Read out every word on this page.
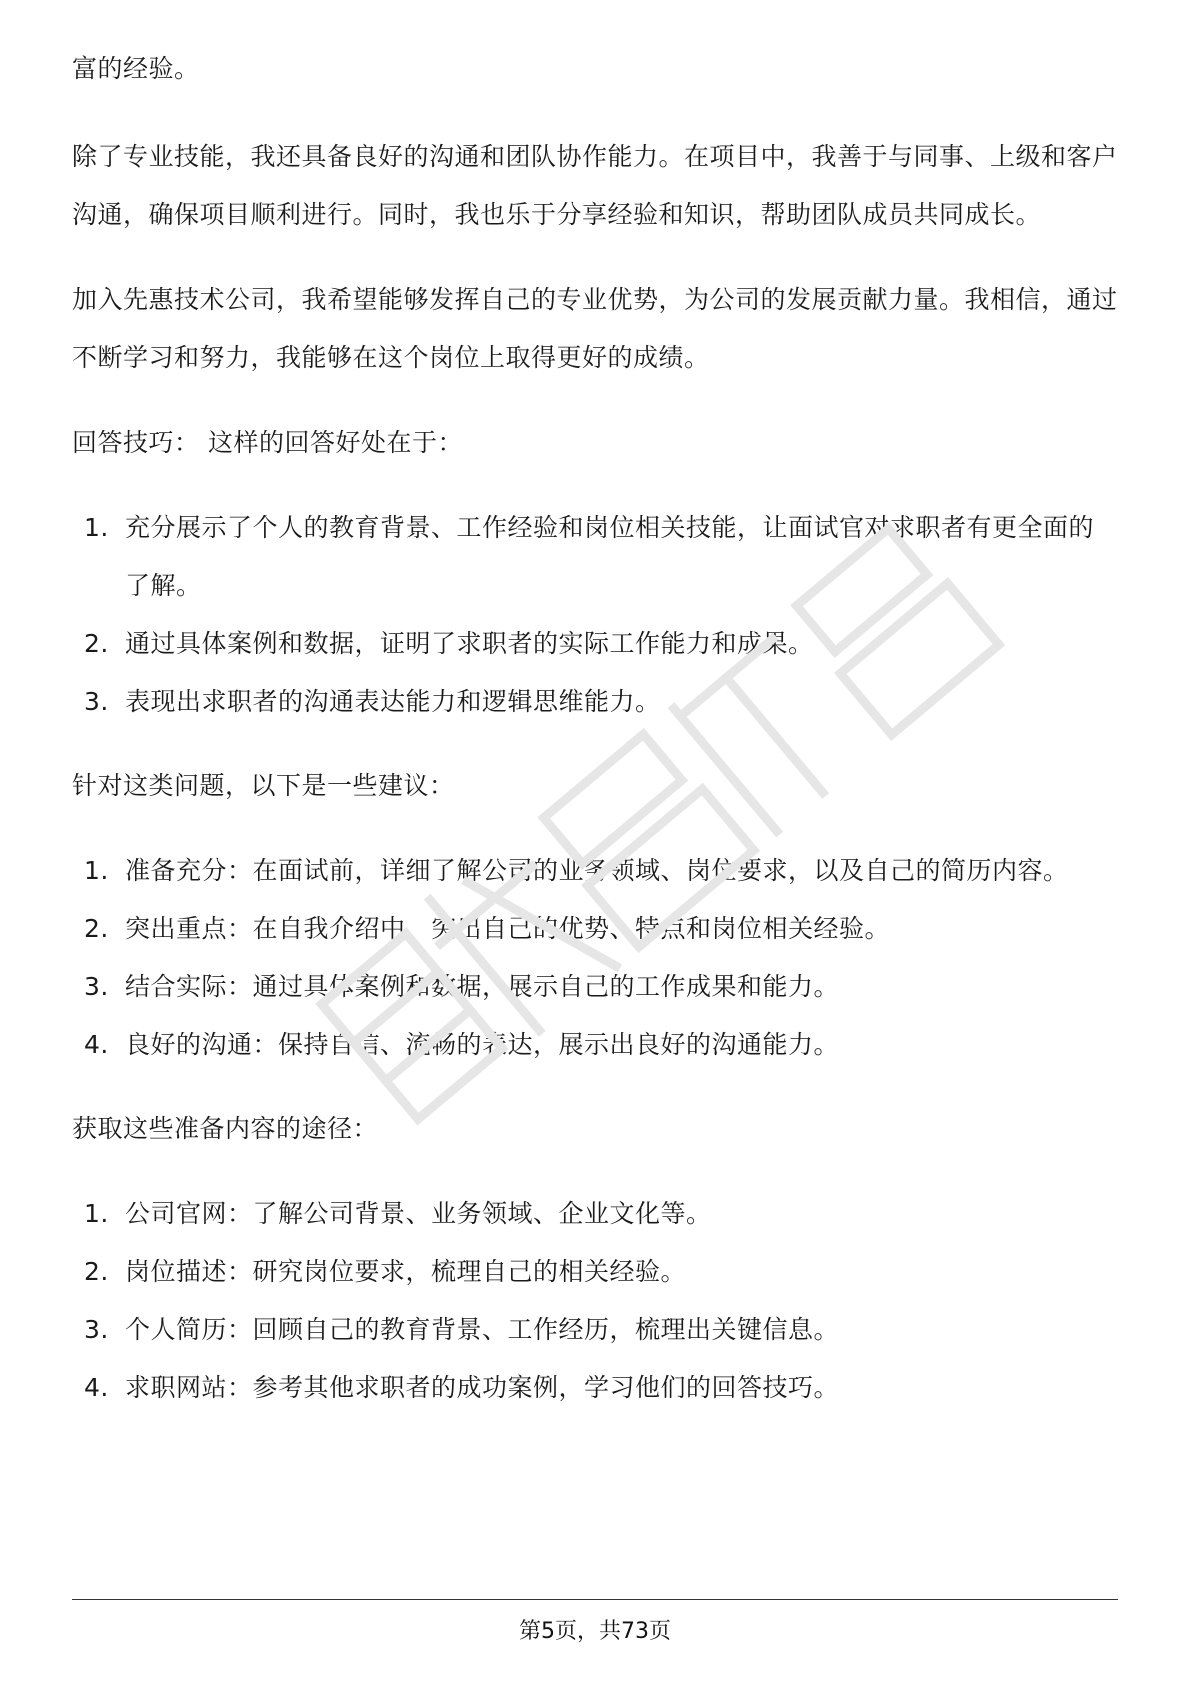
富的经验。

除了专业技能，我还具备良好的沟通和团队协作能力。在项目中，我善于与同事、上级和客户沟通，确保项目顺利进行。同时，我也乐于分享经验和知识，帮助团队成员共同成长。

加入先惠技术公司，我希望能够发挥自己的专业优势，为公司的发展贡献力量。我相信，通过不断学习和努力，我能够在这个岗位上取得更好的成绩。

回答技巧： 这样的回答好处在于：

1. 充分展示了个人的教育背景、工作经验和岗位相关技能，让面试官对求职者有更全面的了解。
2. 通过具体案例和数据，证明了求职者的实际工作能力和成果。
3. 表现出求职者的沟通表达能力和逻辑思维能力。

针对这类问题，以下是一些建议：

1. 准备充分：在面试前，详细了解公司的业务领域、岗位要求，以及自己的简历内容。
2. 突出重点：在自我介绍中，突出自己的优势、特点和岗位相关经验。
3. 结合实际：通过具体案例和数据，展示自己的工作成果和能力。
4. 良好的沟通：保持自信、流畅的表达，展示出良好的沟通能力。

获取这些准备内容的途径：

1. 公司官网：了解公司背景、业务领域、企业文化等。
2. 岗位描述：研究岗位要求，梳理自己的相关经验。
3. 个人简历：回顾自己的教育背景、工作经历，梳理出关键信息。
4. 求职网站：参考其他求职者的成功案例，学习他们的回答技巧。
第5页，共73页
